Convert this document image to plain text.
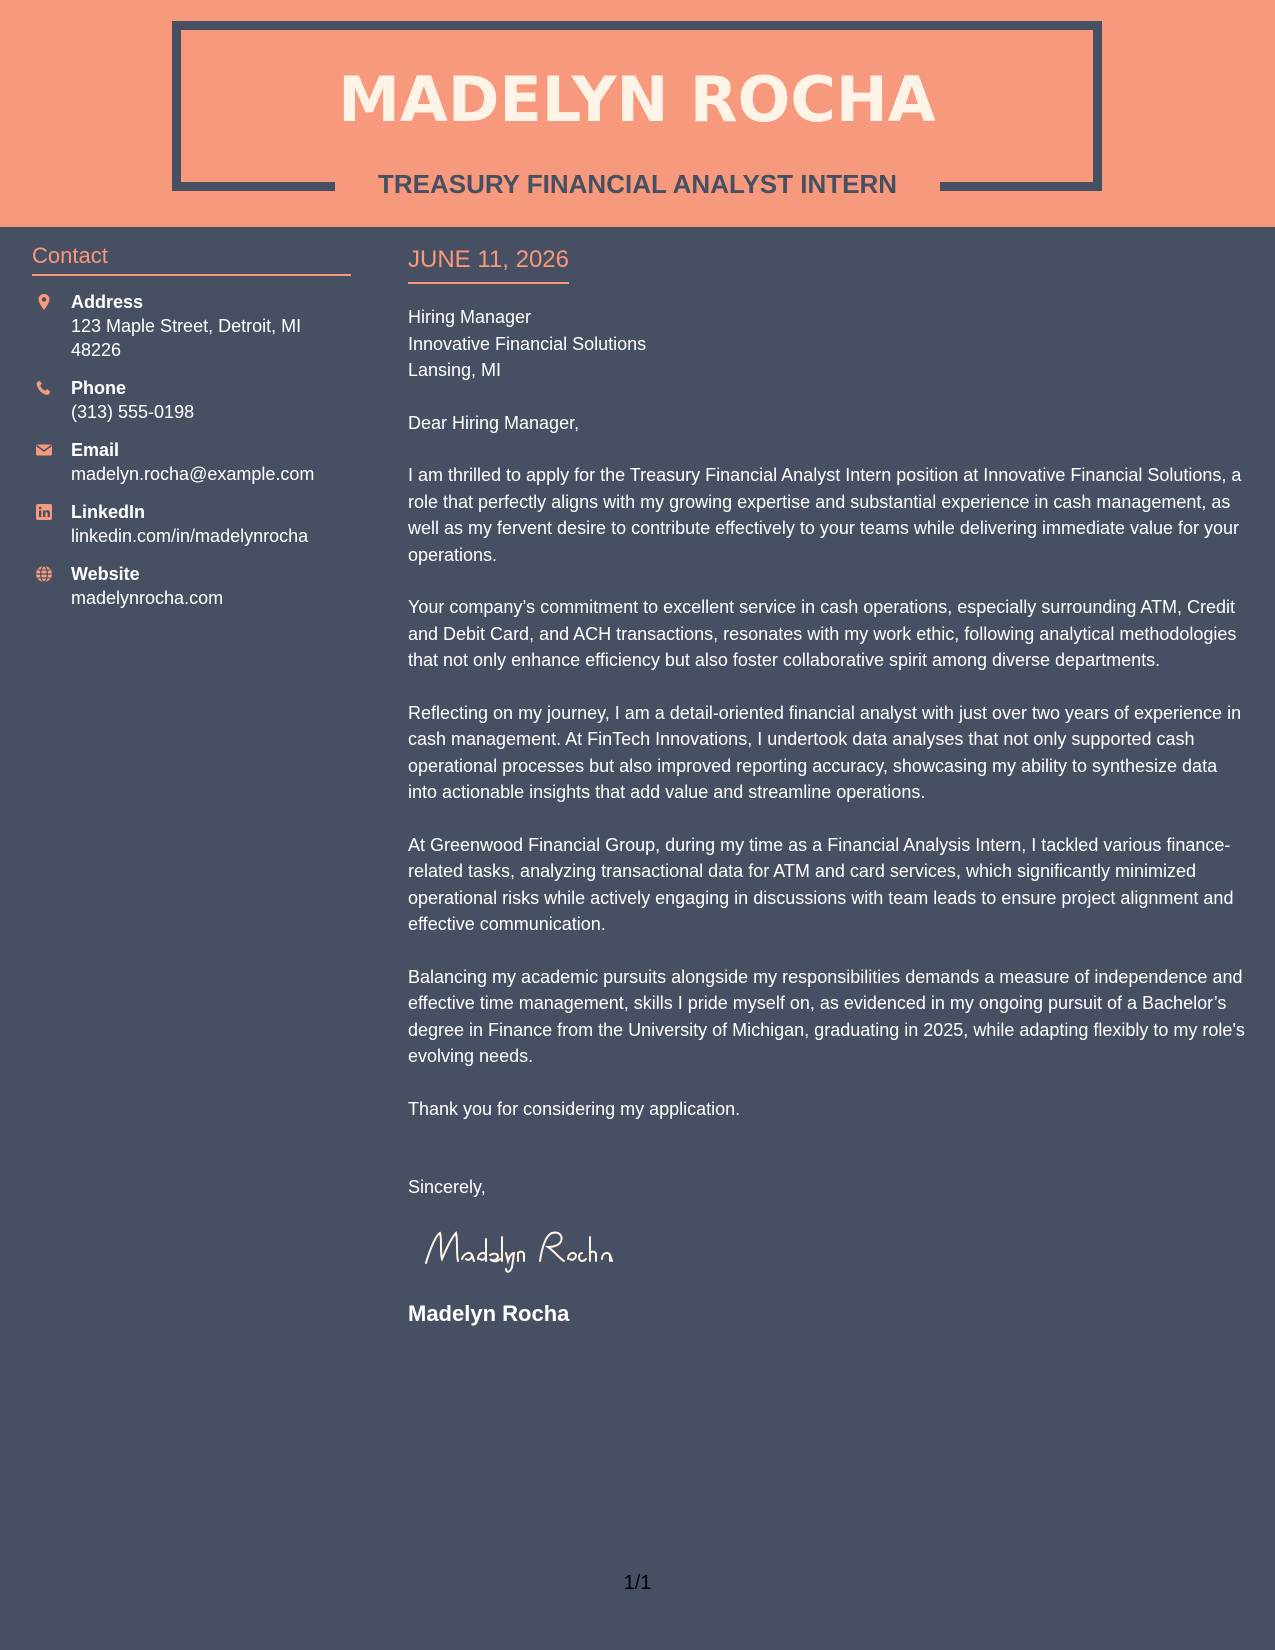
MADELYN ROCHA
TREASURY FINANCIAL ANALYST INTERN
Contact
Address
123 Maple Street, Detroit, MI 48226
Phone
(313) 555-0198
Email
madelyn.rocha@example.com
LinkedIn
linkedin.com/in/madelynrocha
Website
madelynrocha.com
JUNE 11, 2026
Hiring Manager
Innovative Financial Solutions
Lansing, MI
Dear Hiring Manager,
I am thrilled to apply for the Treasury Financial Analyst Intern position at Innovative Financial Solutions, a role that perfectly aligns with my growing expertise and substantial experience in cash management, as well as my fervent desire to contribute effectively to your teams while delivering immediate value for your operations.
Your company’s commitment to excellent service in cash operations, especially surrounding ATM, Credit and Debit Card, and ACH transactions, resonates with my work ethic, following analytical methodologies that not only enhance efficiency but also foster collaborative spirit among diverse departments.
Reflecting on my journey, I am a detail-oriented financial analyst with just over two years of experience in cash management. At FinTech Innovations, I undertook data analyses that not only supported cash operational processes but also improved reporting accuracy, showcasing my ability to synthesize data into actionable insights that add value and streamline operations.
At Greenwood Financial Group, during my time as a Financial Analysis Intern, I tackled various finance-related tasks, analyzing transactional data for ATM and card services, which significantly minimized operational risks while actively engaging in discussions with team leads to ensure project alignment and effective communication.
Balancing my academic pursuits alongside my responsibilities demands a measure of independence and effective time management, skills I pride myself on, as evidenced in my ongoing pursuit of a Bachelor’s degree in Finance from the University of Michigan, graduating in 2025, while adapting flexibly to my role's evolving needs.
Thank you for considering my application.
Sincerely,
Madelyn Rocha
1/1
